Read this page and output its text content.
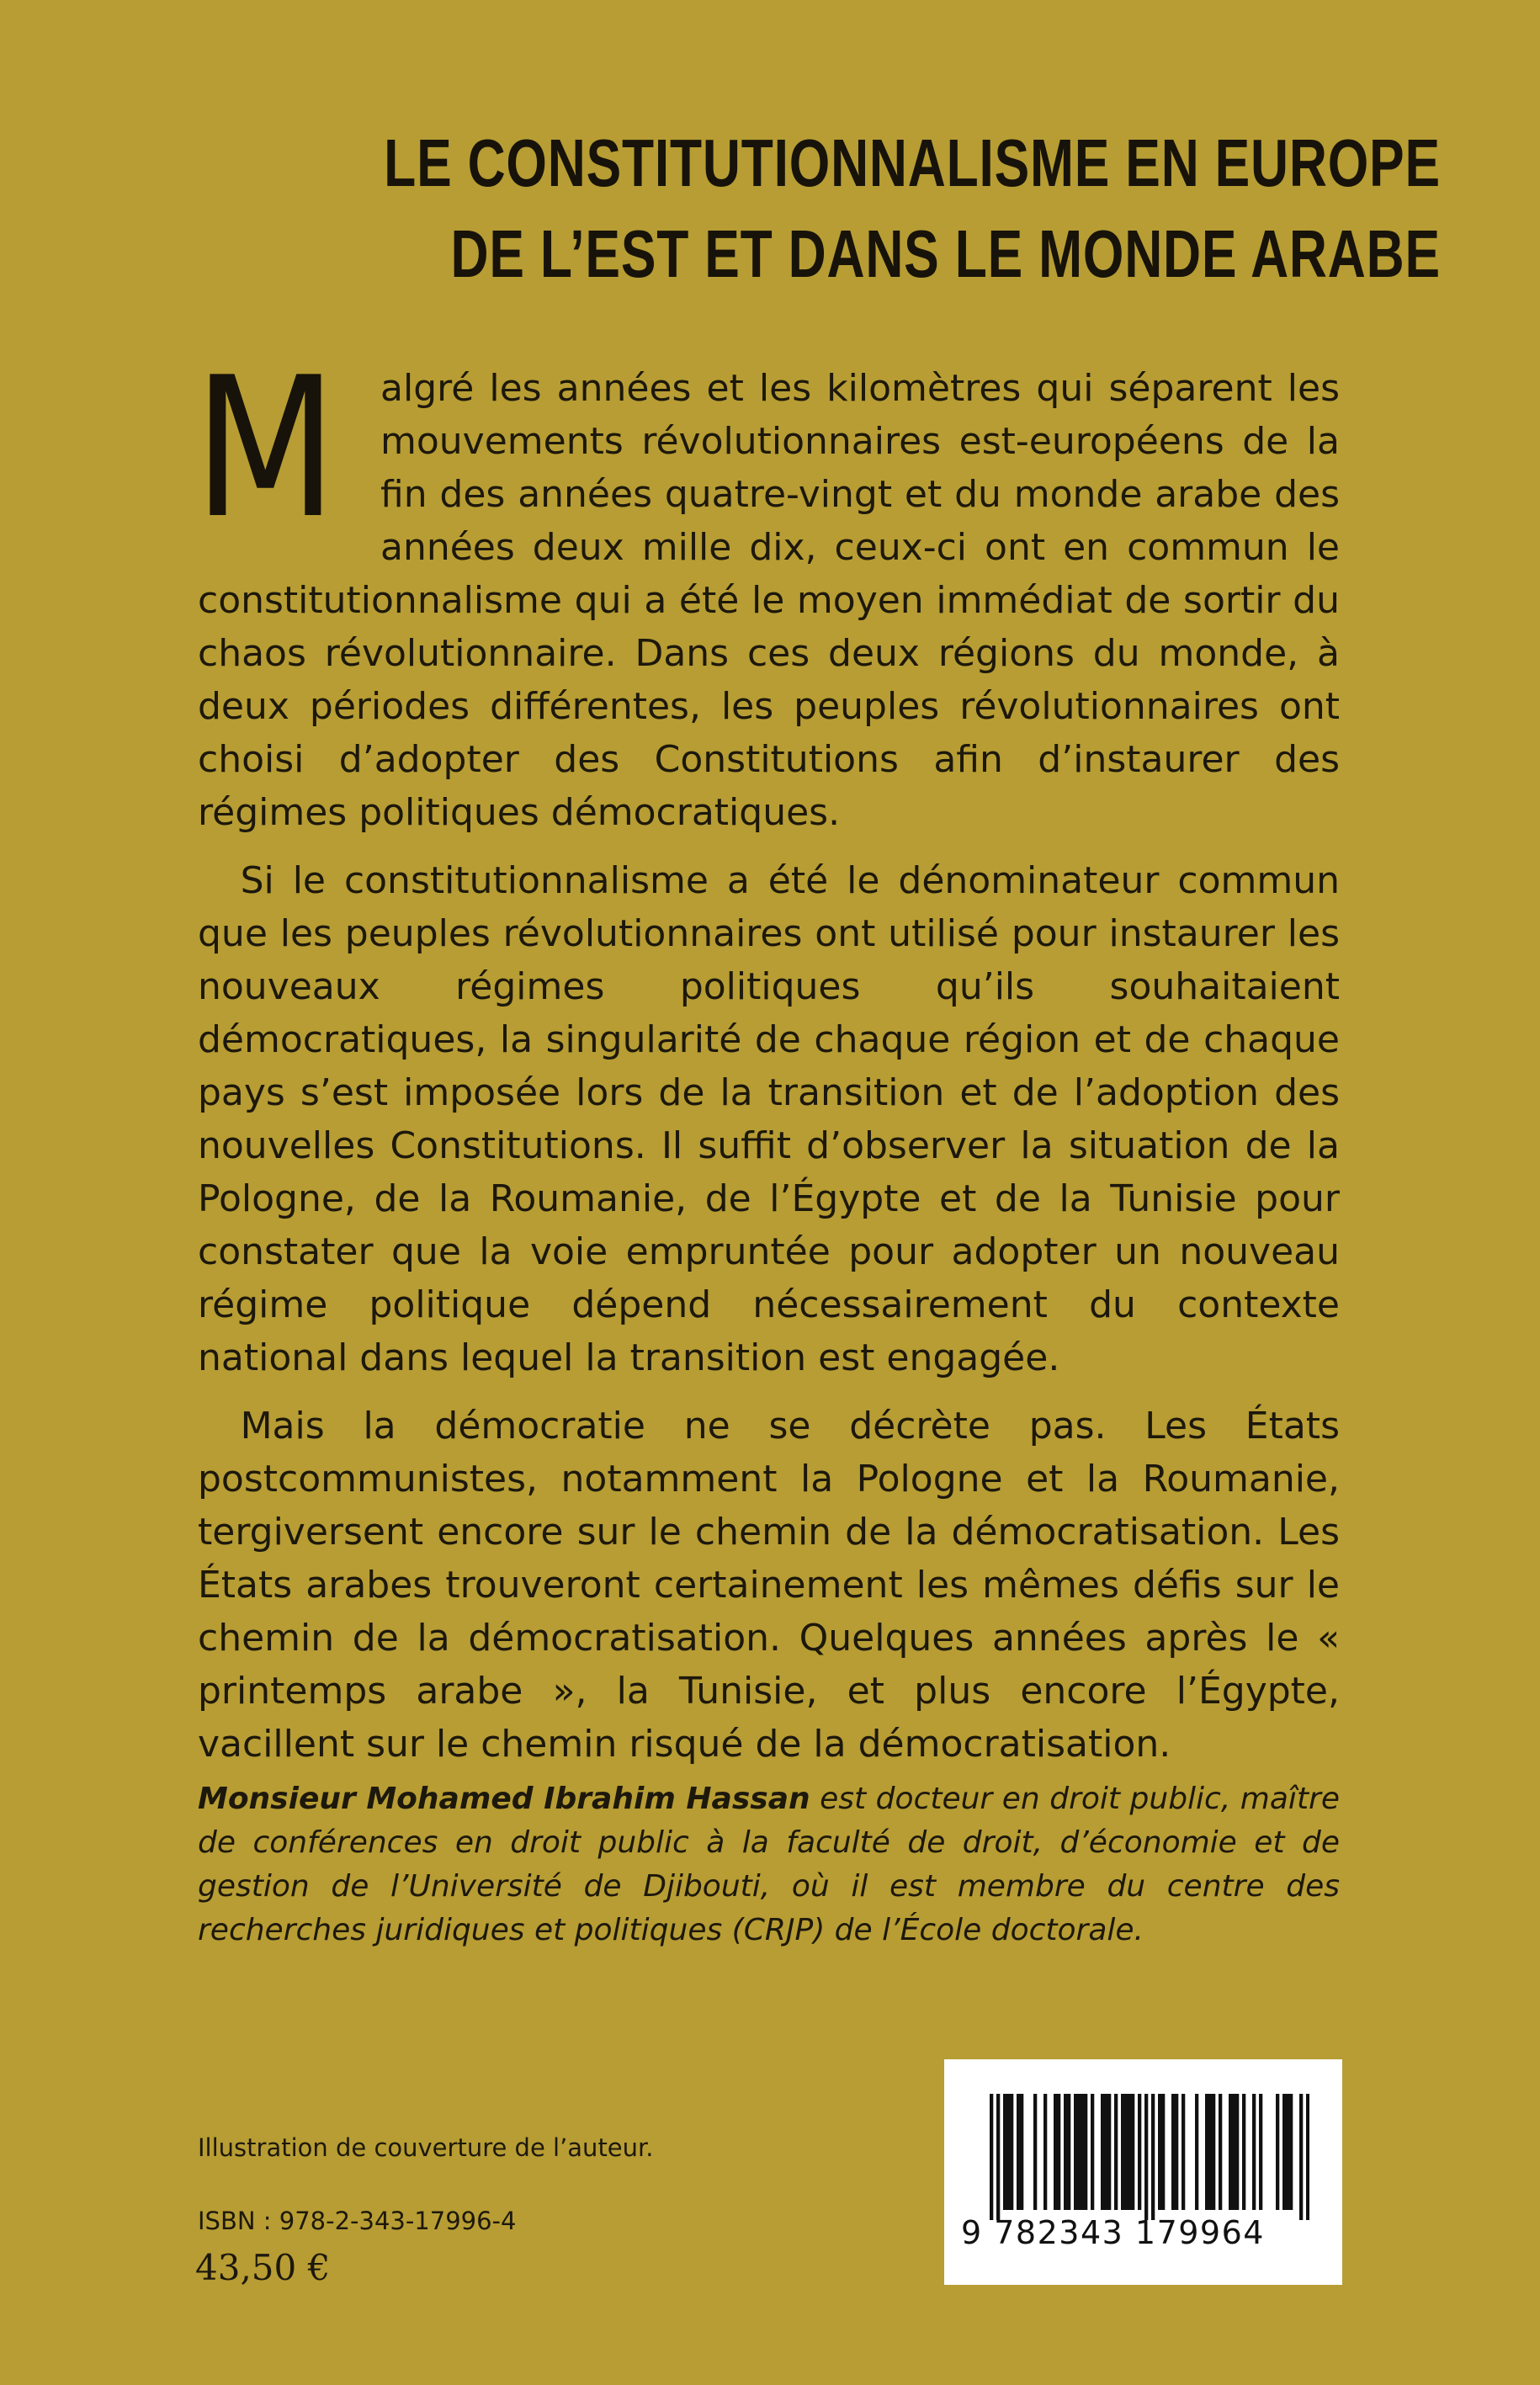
LE CONSTITUTIONNALISME EN EUROPE
DE L’EST ET DANS LE MONDE ARABE

M algré les années et les kilomètres qui séparent les mouvements révolutionnaires est-européens de la fin des années quatre-vingt et du monde arabe des années deux mille dix, ceux-ci ont en commun le constitutionnalisme qui a été le moyen immédiat de sortir du chaos révolutionnaire. Dans ces deux régions du monde, à deux périodes différentes, les peuples révolutionnaires ont choisi d’adopter des Constitutions afin d’instaurer des régimes politiques démocratiques.

Si le constitutionnalisme a été le dénominateur commun que les peuples révolutionnaires ont utilisé pour instaurer les nouveaux régimes politiques qu’ils souhaitaient démocratiques, la singularité de chaque région et de chaque pays s’est imposée lors de la transition et de l’adoption des nouvelles Constitutions. Il suffit d’observer la situation de la Pologne, de la Roumanie, de l’Égypte et de la Tunisie pour constater que la voie empruntée pour adopter un nouveau régime politique dépend nécessairement du contexte national dans lequel la transition est engagée.

Mais la démocratie ne se décrète pas. Les États postcommunistes, notamment la Pologne et la Roumanie, tergiversent encore sur le chemin de la démocratisation. Les États arabes trouveront certainement les mêmes défis sur le chemin de la démocratisation. Quelques années après le « printemps arabe », la Tunisie, et plus encore l’Égypte, vacillent sur le chemin risqué de la démocratisation.

Monsieur Mohamed Ibrahim Hassan est docteur en droit public, maître de conférences en droit public à la faculté de droit, d’économie et de gestion de l’Université de Djibouti, où il est membre du centre des recherches juridiques et politiques (CRJP) de l’École doctorale.
Illustration de couverture de l’auteur.
ISBN : 978-2-343-17996-4
43,50 €
9 782343 179964
